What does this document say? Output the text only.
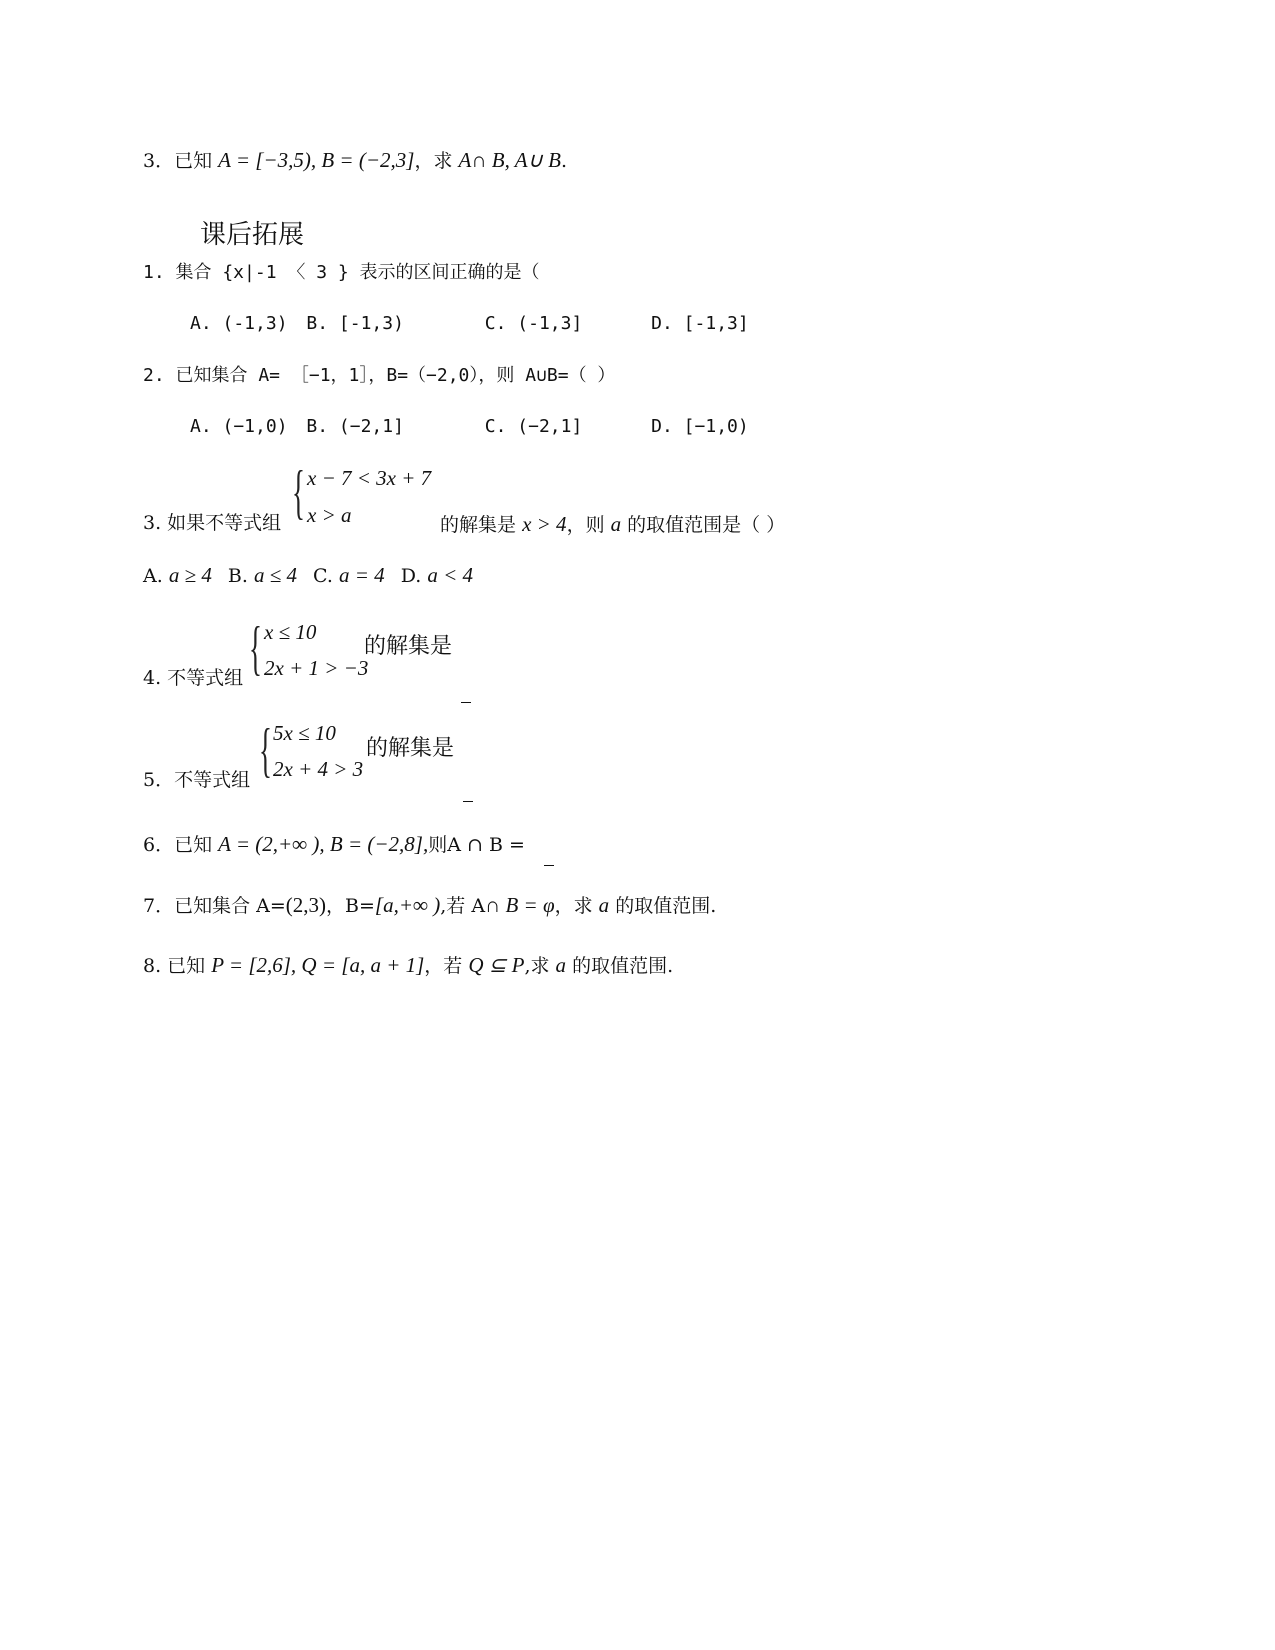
3．已知 A = [−3,5), B = (−2,3]，求 A∩ B, A∪ B.
课后拓展
1. 集合 {x|-1 〈 3 } 表示的区间正确的是（
A. (-1,3) B. [-1,3)	C. (-1,3]	D. [-1,3]
2. 已知集合 A= ［−1，1］，B=（−2,0），则 A∪B=（ ）
A. (−1,0) B. (−2,1]	C. (−2,1]	D. [−1,0)
{ x − 7 < 3x + 7
x > a
3. 如果不等式组	的解集是 x > 4，则 a 的取值范围是（ ）
A. a ≥ 4 B. a ≤ 4 C. a = 4 D. a < 4
{ x ≤ 10
2x + 1 > −3
的解集是
4. 不等式组
{ 5x ≤ 10
2x + 4 > 3
的解集是
5．不等式组
6．已知 A = (2,+∞ ), B = (−2,8],则A ∩ B =
7．已知集合 A=(2,3)，B=[a,+∞ ),若 A∩ B = φ，求 a 的取值范围.
8. 已知 P = [2,6], Q = [a, a + 1]，若 Q ⊆ P,求 a 的取值范围.
